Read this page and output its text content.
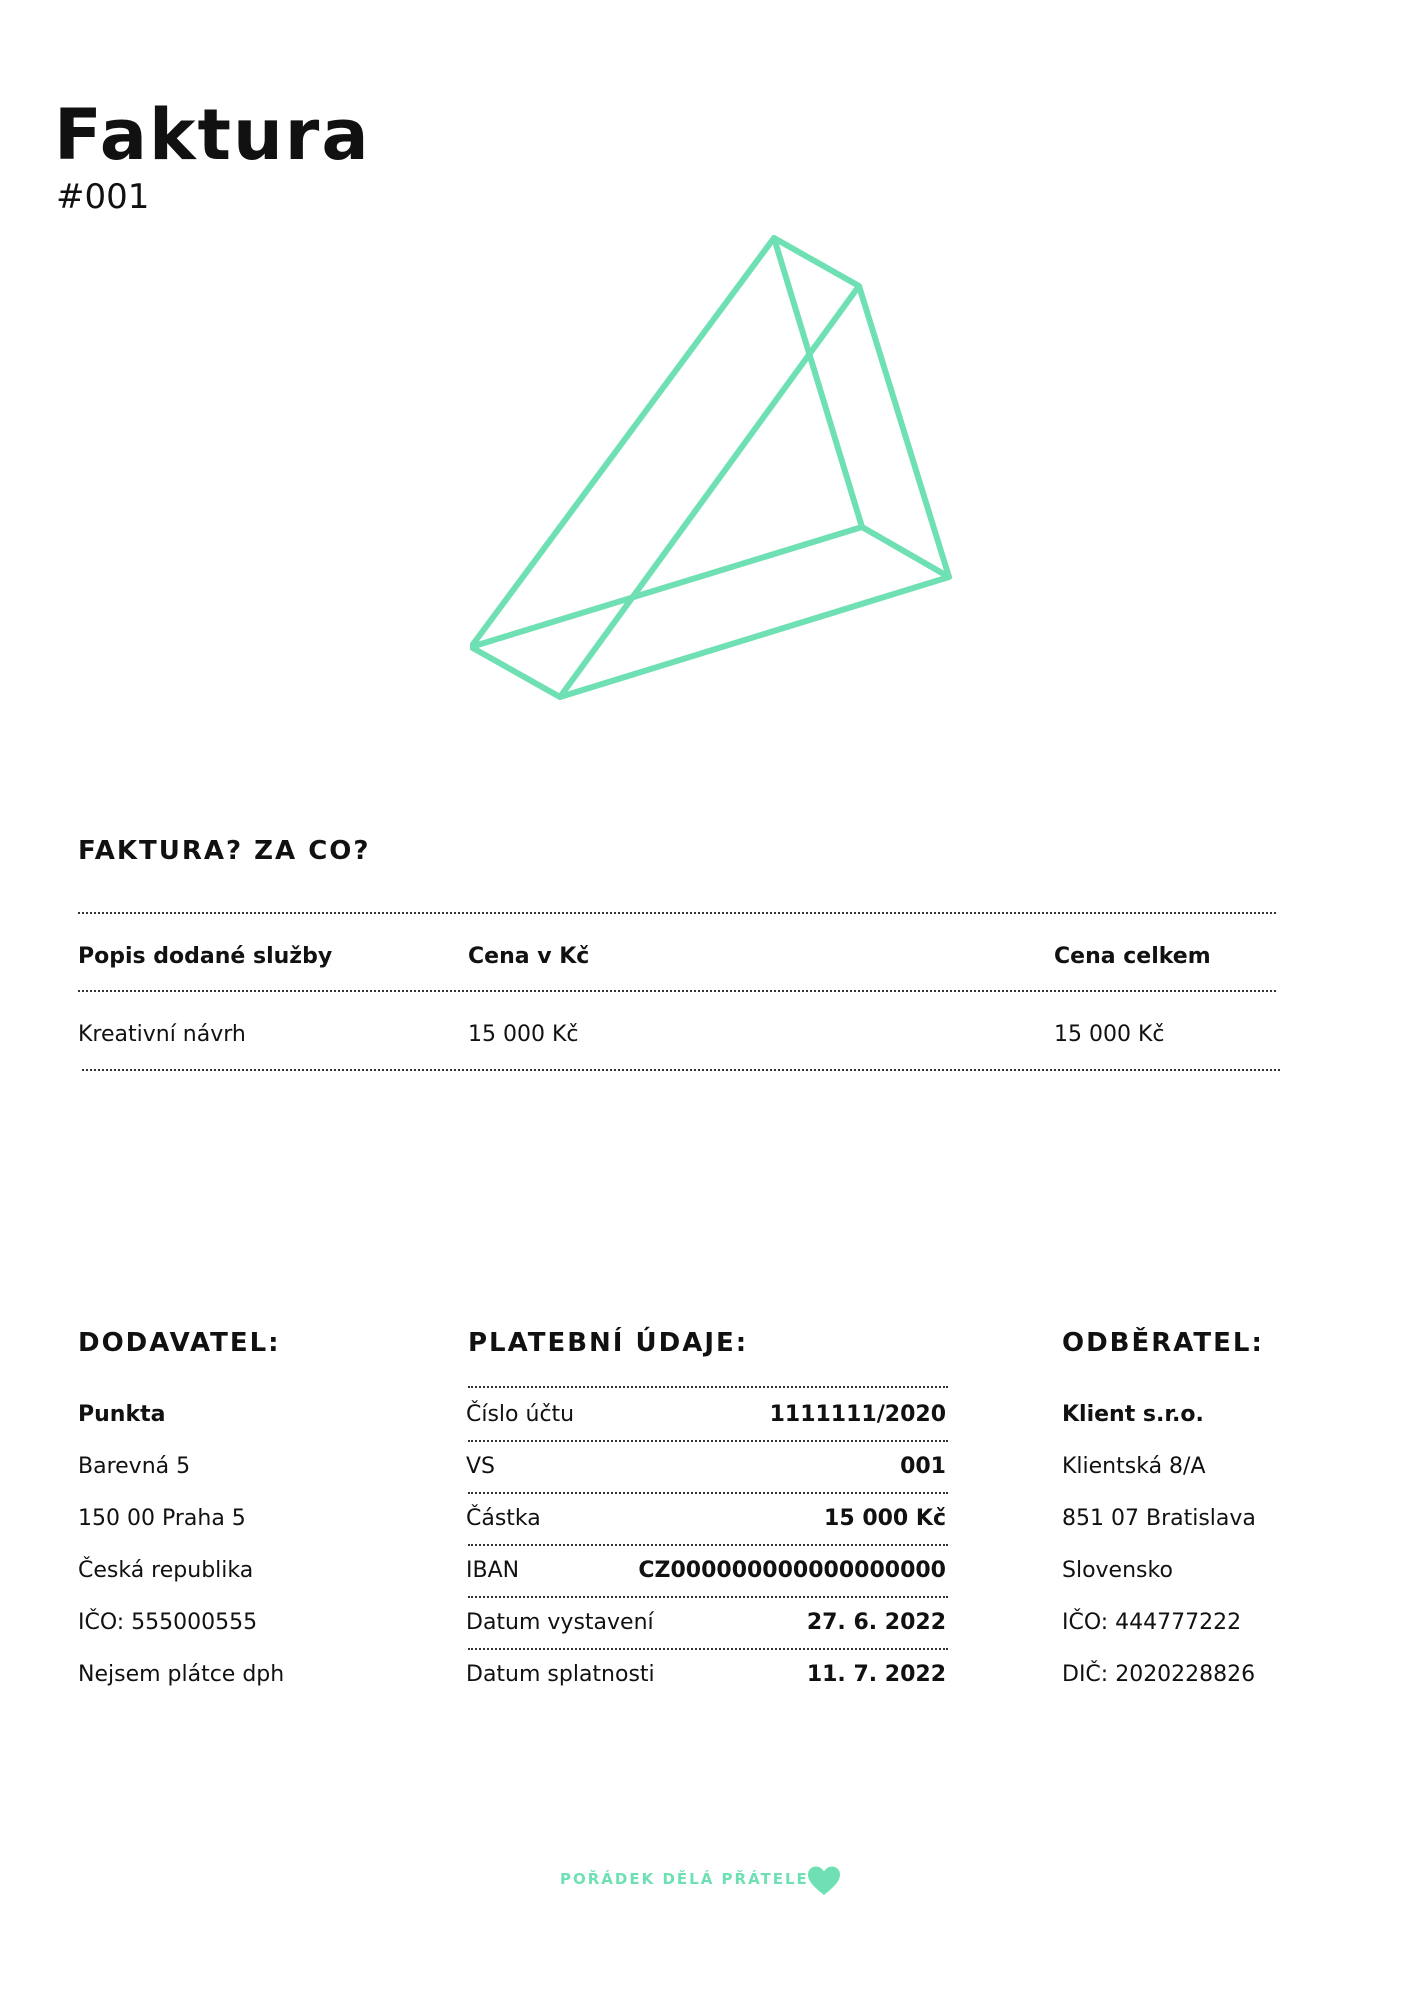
Faktura
#001
FAKTURA? ZA CO?
Popis dodané služby	Cena v Kč	Cena celkem
Kreativní návrh	15 000 Kč	15 000 Kč
DODAVATEL:
Punkta
Barevná 5
150 00 Praha 5
Česká republika
IČO: 555000555
Nejsem plátce dph
PLATEBNÍ ÚDAJE:
Číslo účtu	1111111/2020
VS	001
Částka	15 000 Kč
IBAN	CZ000000000000000000
Datum vystavení	27. 6. 2022
Datum splatnosti	11. 7. 2022
ODBĚRATEL:
Klient s.r.o.
Klientská 8/A
851 07 Bratislava
Slovensko
IČO: 444777222
DIČ: 2020228826
POŘÁDEK DĚLÁ PŘÁTELE
